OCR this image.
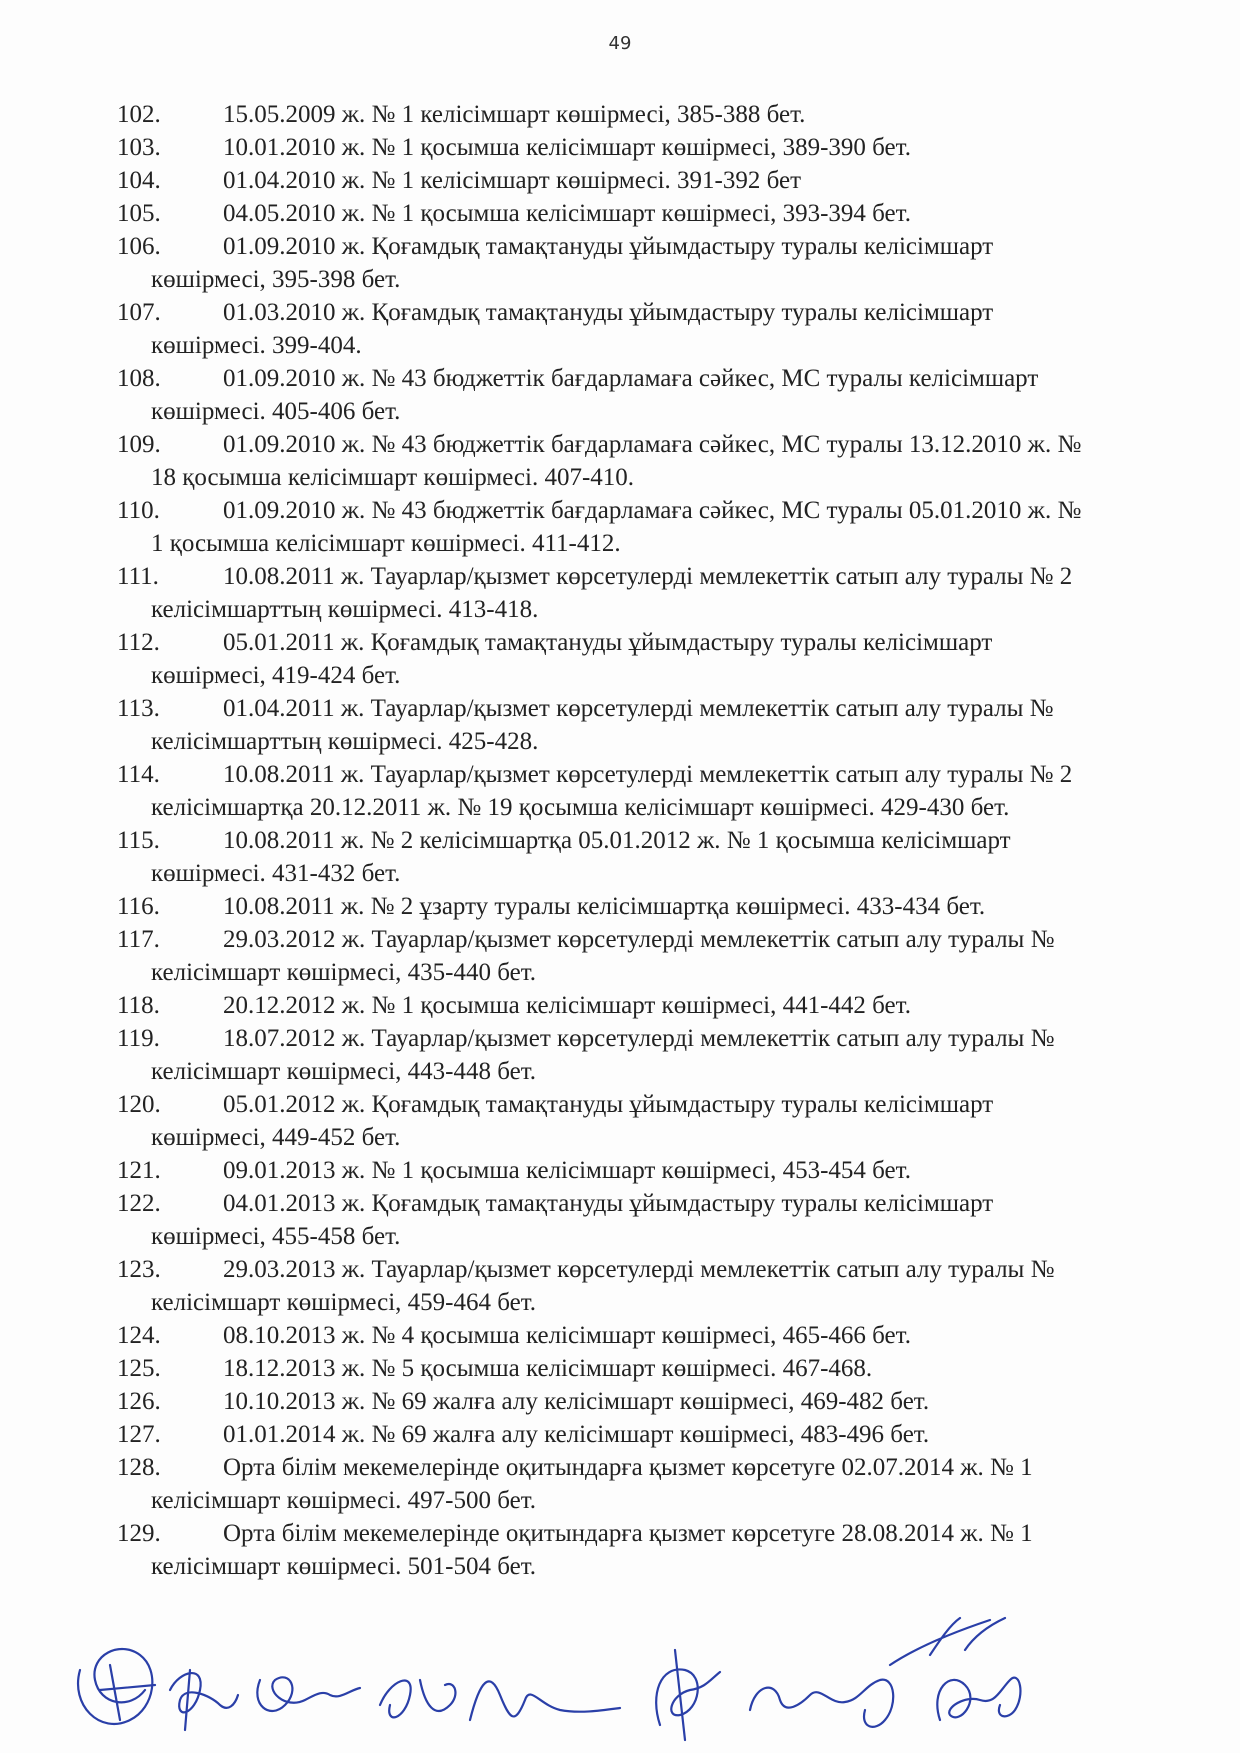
49
102. 15.05.2009 ж. № 1 келісімшарт көшірмесі, 385-388 бет.
103. 10.01.2010 ж. № 1 қосымша келісімшарт көшірмесі, 389-390 бет.
104. 01.04.2010 ж. № 1 келісімшарт көшірмесі. 391-392 бет
105. 04.05.2010 ж. № 1 қосымша келісімшарт көшірмесі, 393-394 бет.
106. 01.09.2010 ж. Қоғамдық тамақтануды ұйымдастыру туралы келісімшарт
көшірмесі, 395-398 бет.
107. 01.03.2010 ж. Қоғамдық тамақтануды ұйымдастыру туралы келісімшарт
көшірмесі. 399-404.
108. 01.09.2010 ж. № 43 бюджеттік бағдарламаға сәйкес, МС туралы келісімшарт
көшірмесі. 405-406 бет.
109. 01.09.2010 ж. № 43 бюджеттік бағдарламаға сәйкес, МС туралы 13.12.2010 ж. №
18 қосымша келісімшарт көшірмесі. 407-410.
110.	01.09.2010 ж. № 43 бюджеттік бағдарламаға сәйкес, МС туралы 05.01.2010 ж. №
1 қосымша келісімшарт көшірмесі. 411-412.
111.	10.08.2011 ж. Тауарлар/қызмет көрсетулерді мемлекеттік сатып алу туралы № 2
келісімшарттың көшірмесі. 413-418.
112.	05.01.2011 ж. Қоғамдық тамақтануды ұйымдастыру туралы келісімшарт
көшірмесі, 419-424 бет.
113.	01.04.2011 ж. Тауарлар/қызмет көрсетулерді мемлекеттік сатып алу туралы №
келісімшарттың көшірмесі. 425-428.
114.	10.08.2011 ж. Тауарлар/қызмет көрсетулерді мемлекеттік сатып алу туралы № 2
келісімшартқа 20.12.2011 ж. № 19 қосымша келісімшарт көшірмесі. 429-430 бет.
115.	10.08.2011 ж. № 2 келісімшартқа 05.01.2012 ж. № 1 қосымша келісімшарт
көшірмесі. 431-432 бет.
116.	10.08.2011 ж. № 2 ұзарту туралы келісімшартқа көшірмесі. 433-434 бет.
117.	29.03.2012 ж. Тауарлар/қызмет көрсетулерді мемлекеттік сатып алу туралы №
келісімшарт көшірмесі, 435-440 бет.
118.	20.12.2012 ж. № 1 қосымша келісімшарт көшірмесі, 441-442 бет.
119.	18.07.2012 ж. Тауарлар/қызмет көрсетулерді мемлекеттік сатып алу туралы №
келісімшарт көшірмесі, 443-448 бет.
120. 05.01.2012 ж. Қоғамдық тамақтануды ұйымдастыру туралы келісімшарт
көшірмесі, 449-452 бет.
121. 09.01.2013 ж. № 1 қосымша келісімшарт көшірмесі, 453-454 бет.
122. 04.01.2013 ж. Қоғамдық тамақтануды ұйымдастыру туралы келісімшарт
көшірмесі, 455-458 бет.
123. 29.03.2013 ж. Тауарлар/қызмет көрсетулерді мемлекеттік сатып алу туралы №
келісімшарт көшірмесі, 459-464 бет.
124. 08.10.2013 ж. № 4 қосымша келісімшарт көшірмесі, 465-466 бет.
125. 18.12.2013 ж. № 5 қосымша келісімшарт көшірмесі. 467-468.
126. 10.10.2013 ж. № 69 жалға алу келісімшарт көшірмесі, 469-482 бет.
127. 01.01.2014 ж. № 69 жалға алу келісімшарт көшірмесі, 483-496 бет.
128. Орта білім мекемелерінде оқитындарға қызмет көрсетуге 02.07.2014 ж. № 1
келісімшарт көшірмесі. 497-500 бет.
129. Орта білім мекемелерінде оқитындарға қызмет көрсетуге 28.08.2014 ж. № 1
келісімшарт көшірмесі. 501-504 бет.
